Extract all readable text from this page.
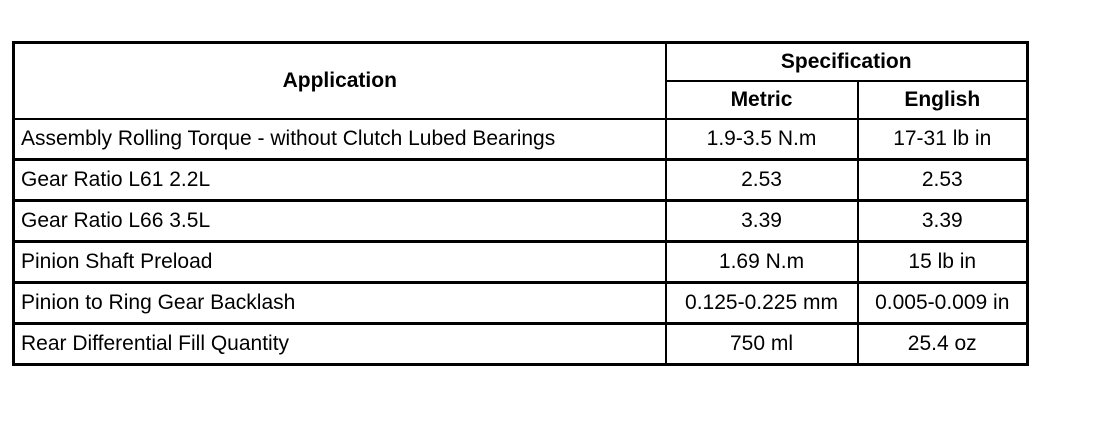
Application	Specification	
	Metric	English
Assembly Rolling Torque - without Clutch Lubed Bearings	1.9-3.5 N.m	17-31 lb in
Gear Ratio L61 2.2L	2.53	2.53
Gear Ratio L66 3.5L	3.39	3.39
Pinion Shaft Preload	1.69 N.m	15 lb in
Pinion to Ring Gear Backlash	0.125-0.225 mm	0.005-0.009 in
Rear Differential Fill Quantity	750 ml	25.4 oz
